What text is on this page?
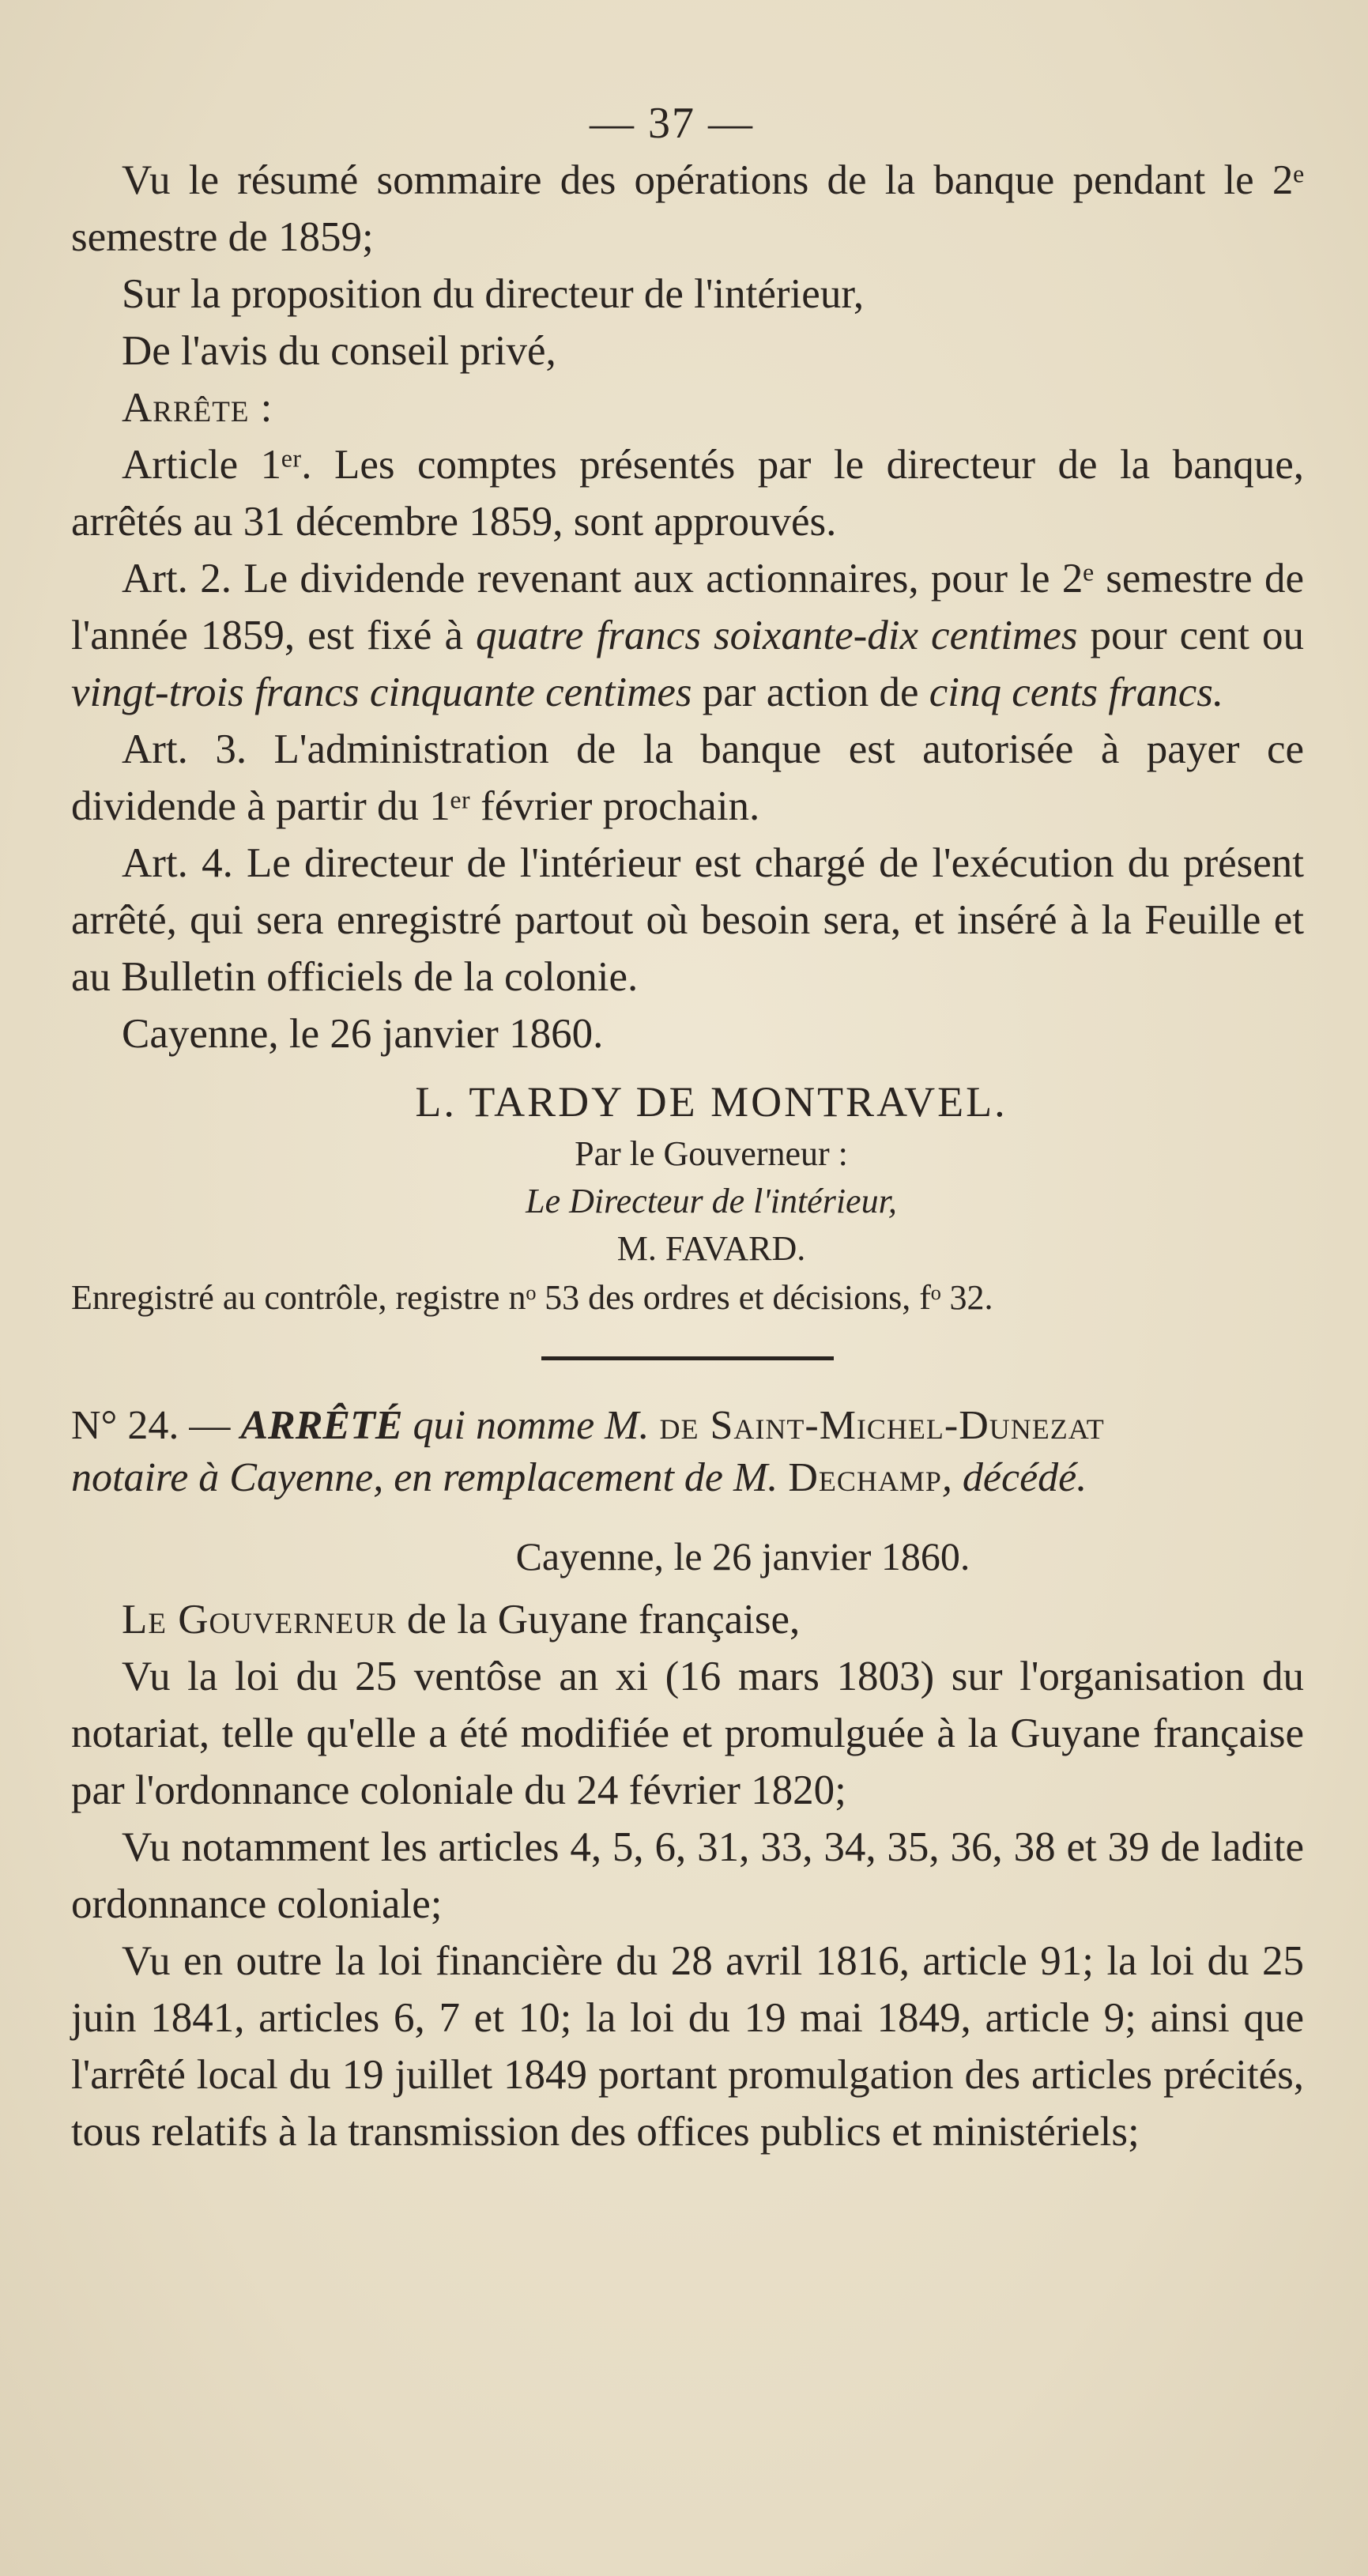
— 37 —

Vu le résumé sommaire des opérations de la banque pendant le 2ᵉ semestre de 1859;

Sur la proposition du directeur de l'intérieur,

De l'avis du conseil privé,

Arrête :

Article 1ᵉʳ. Les comptes présentés par le directeur de la banque, arrêtés au 31 décembre 1859, sont approuvés.

Art. 2. Le dividende revenant aux actionnaires, pour le 2ᵉ semestre de l'année 1859, est fixé à quatre francs soixante-dix centimes pour cent ou vingt-trois francs cinquante centimes par action de cinq cents francs.

Art. 3. L'administration de la banque est autorisée à payer ce dividende à partir du 1ᵉʳ février prochain.

Art. 4. Le directeur de l'intérieur est chargé de l'exécution du présent arrêté, qui sera enregistré partout où besoin sera, et inséré à la Feuille et au Bulletin officiels de la colonie.

Cayenne, le 26 janvier 1860.

L. TARDY DE MONTRAVEL.
Par le Gouverneur :
Le Directeur de l'intérieur,
M. FAVARD.

Enregistré au contrôle, registre nᵒ 53 des ordres et décisions, fᵒ 32.

N° 24. — ARRÊTÉ qui nomme M. de Saint-Michel-Dunezat
notaire à Cayenne, en remplacement de M. Dechamp, décédé.

Cayenne, le 26 janvier 1860.

Le Gouverneur de la Guyane française,

Vu la loi du 25 ventôse an xi (16 mars 1803) sur l'organisation du notariat, telle qu'elle a été modifiée et promulguée à la Guyane française par l'ordonnance coloniale du 24 février 1820;

Vu notamment les articles 4, 5, 6, 31, 33, 34, 35, 36, 38 et 39 de ladite ordonnance coloniale;

Vu en outre la loi financière du 28 avril 1816, article 91; la loi du 25 juin 1841, articles 6, 7 et 10; la loi du 19 mai 1849, article 9; ainsi que l'arrêté local du 19 juillet 1849 portant promulgation des articles précités, tous relatifs à la transmission des offices publics et ministériels;
